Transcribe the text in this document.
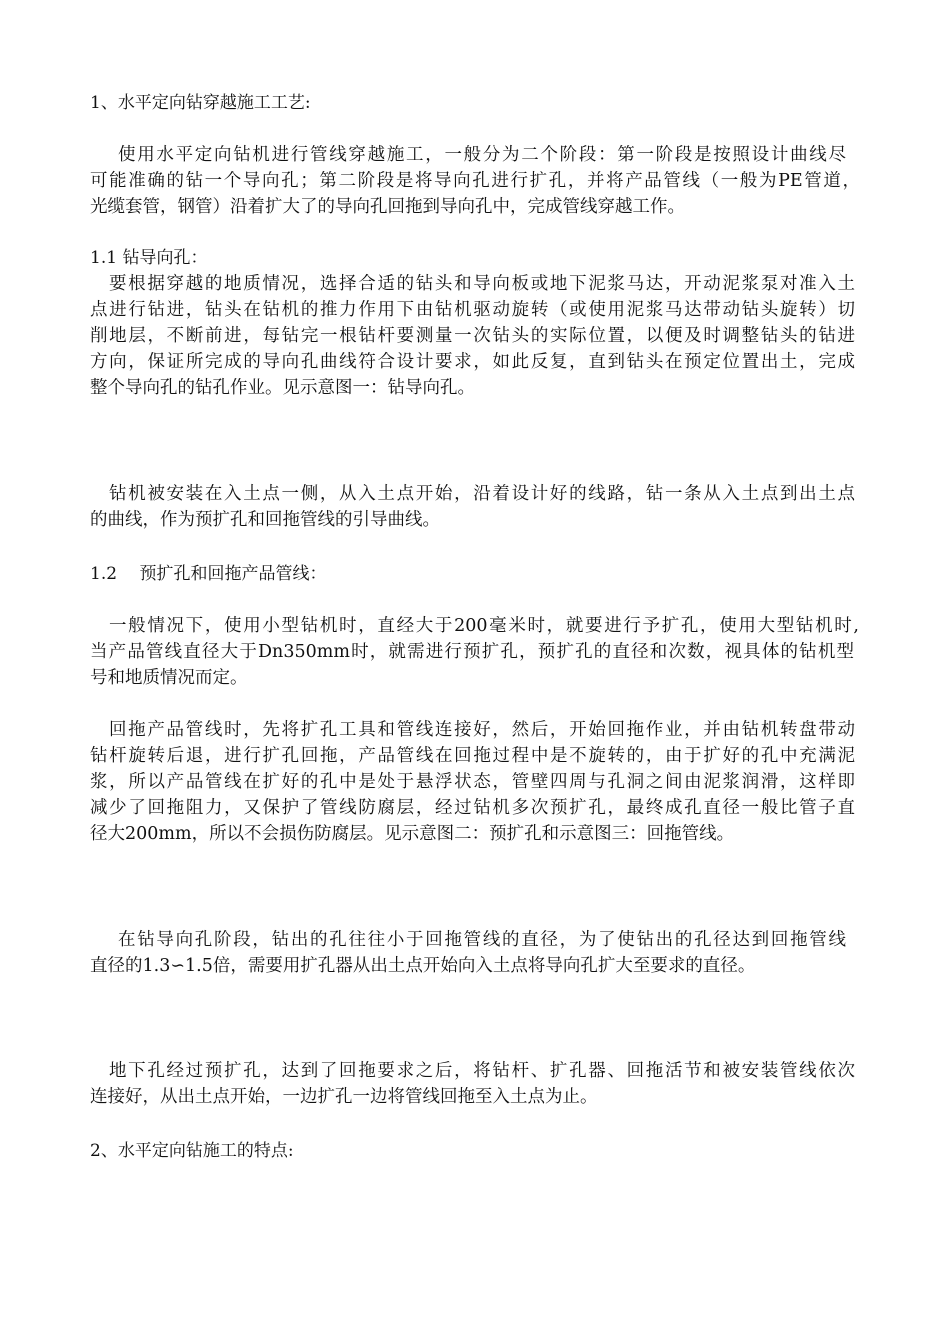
1、水平定向钻穿越施工工艺:
使用水平定向钻机进行管线穿越施工，一般分为二个阶段：第一阶段是按照设计曲线尽
可能准确的钻一个导向孔；第二阶段是将导向孔进行扩孔，并将产品管线（一般为PE管道，
光缆套管，钢管）沿着扩大了的导向孔回拖到导向孔中，完成管线穿越工作。
1.1 钻导向孔：
要根据穿越的地质情况，选择合适的钻头和导向板或地下泥浆马达，开动泥浆泵对准入土
点进行钻进，钻头在钻机的推力作用下由钻机驱动旋转（或使用泥浆马达带动钻头旋转）切
削地层，不断前进，每钻完一根钻杆要测量一次钻头的实际位置，以便及时调整钻头的钻进
方向，保证所完成的导向孔曲线符合设计要求，如此反复，直到钻头在预定位置出土，完成
整个导向孔的钻孔作业。见示意图一：钻导向孔。
钻机被安装在入土点一侧，从入土点开始，沿着设计好的线路，钻一条从入土点到出土点
的曲线，作为预扩孔和回拖管线的引导曲线。
1.2　 预扩孔和回拖产品管线：
一般情况下，使用小型钻机时，直经大于200毫米时，就要进行予扩孔，使用大型钻机时,
当产品管线直径大于Dn350mm时，就需进行预扩孔，预扩孔的直径和次数，视具体的钻机型
号和地质情况而定。
回拖产品管线时，先将扩孔工具和管线连接好，然后，开始回拖作业，并由钻机转盘带动
钻杆旋转后退，进行扩孔回拖，产品管线在回拖过程中是不旋转的，由于扩好的孔中充满泥
浆，所以产品管线在扩好的孔中是处于悬浮状态，管壁四周与孔洞之间由泥浆润滑，这样即
减少了回拖阻力，又保护了管线防腐层，经过钻机多次预扩孔，最终成孔直径一般比管子直
径大200mm，所以不会损伤防腐层。见示意图二：预扩孔和示意图三：回拖管线。
在钻导向孔阶段，钻出的孔往往小于回拖管线的直径，为了使钻出的孔径达到回拖管线
直径的1.3∽1.5倍，需要用扩孔器从出土点开始向入土点将导向孔扩大至要求的直径。
地下孔经过预扩孔，达到了回拖要求之后，将钻杆、扩孔器、回拖活节和被安装管线依次
连接好，从出土点开始，一边扩孔一边将管线回拖至入土点为止。
2、水平定向钻施工的特点:
